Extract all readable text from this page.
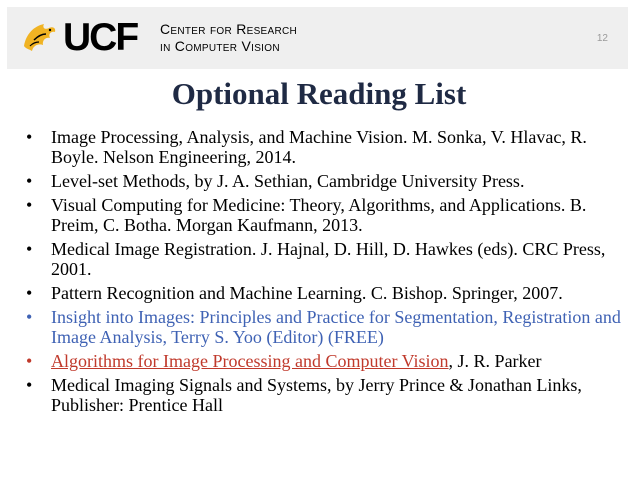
UCF Center for Research
in Computer Vision	12
Optional Reading List
• Image Processing, Analysis, and Machine Vision. M. Sonka, V. Hlavac, R. Boyle. Nelson Engineering, 2014.
• Level-set Methods, by J. A. Sethian, Cambridge University Press.
• Visual Computing for Medicine: Theory, Algorithms, and Applications. B. Preim, C. Botha. Morgan Kaufmann, 2013.
• Medical Image Registration. J. Hajnal, D. Hill, D. Hawkes (eds). CRC Press, 2001.
• Pattern Recognition and Machine Learning. C. Bishop. Springer, 2007.
• Insight into Images: Principles and Practice for Segmentation, Registration and Image Analysis, Terry S. Yoo (Editor) (FREE)
• Algorithms for Image Processing and Computer Vision, J. R. Parker
• Medical Imaging Signals and Systems, by Jerry Prince & Jonathan Links, Publisher: Prentice Hall
